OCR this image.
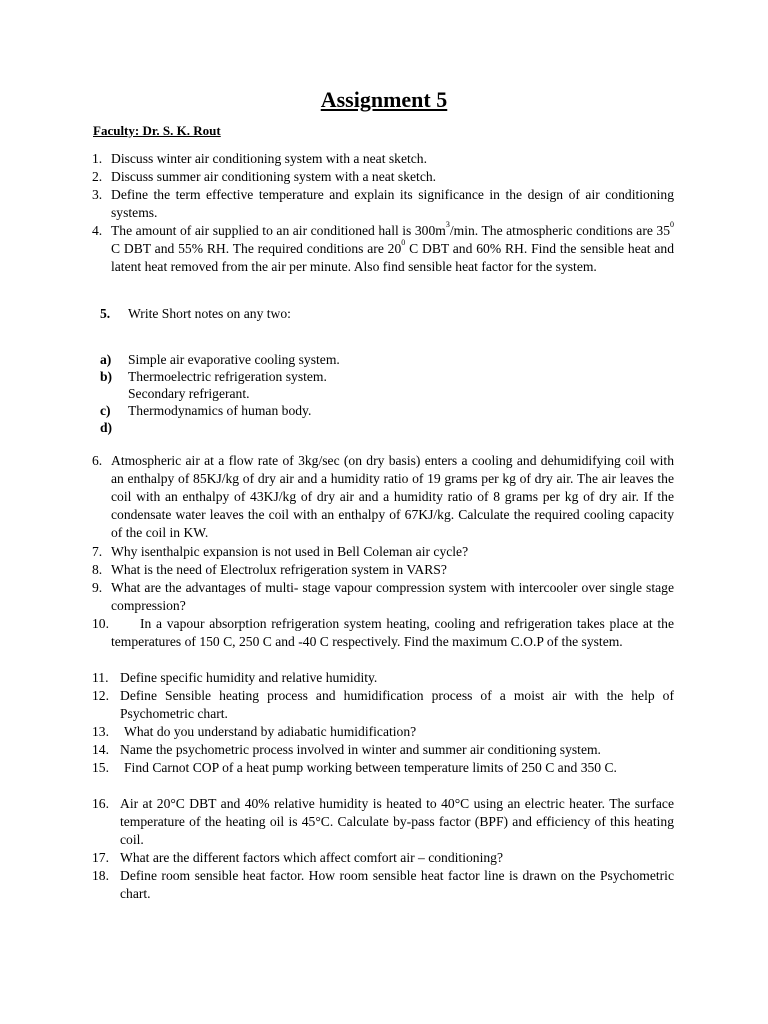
Assignment 5
Faculty: Dr. S. K. Rout
1. Discuss winter air conditioning system with a neat sketch.
2. Discuss summer air conditioning system with a neat sketch.
3. Define the term effective temperature and explain its significance in the design of air conditioning systems.
4. The amount of air supplied to an air conditioned hall is $300m^3/\min$. The atmospheric conditions are $35^0$ C DBT and 55% RH. The required conditions are $20^0$ C DBT and 60% RH. Find the sensible heat and latent heat removed from the air per minute. Also find sensible heat factor for the system.
5. Write Short notes on any two:
a) Simple air evaporative cooling system.
b) Thermoelectric refrigeration system.
Secondary refrigerant.
c) Thermodynamics of human body.
d)
6. Atmospheric air at a flow rate of 3kg/sec (on dry basis) enters a cooling and dehumidifying coil with an enthalpy of 85KJ/kg of dry air and a humidity ratio of 19 grams per kg of dry air. The air leaves the coil with an enthalpy of 43KJ/kg of dry air and a humidity ratio of 8 grams per kg of dry air. If the condensate water leaves the coil with an enthalpy of 67KJ/kg. Calculate the required cooling capacity of the coil in KW.
7. Why isenthalpic expansion is not used in Bell Coleman air cycle?
8. What is the need of Electrolux refrigeration system in VARS?
9. What are the advantages of multi- stage vapour compression system with intercooler over single stage compression?
10.	In a vapour absorption refrigeration system heating, cooling and refrigeration takes place at the temperatures of 150 C, 250 C and -40 C respectively. Find the maximum C.O.P of the system.
11. Define specific humidity and relative humidity.
12. Define Sensible heating process and humidification process of a moist air with the help of Psychometric chart.
13. What do you understand by adiabatic humidification?
14. Name the psychometric process involved in winter and summer air conditioning system.
15. Find Carnot COP of a heat pump working between temperature limits of 250 C and 350 C.
16. Air at 20°C DBT and 40% relative humidity is heated to 40°C using an electric heater. The surface temperature of the heating oil is 45°C. Calculate by-pass factor (BPF) and efficiency of this heating coil.
17. What are the different factors which affect comfort air – conditioning?
18. Define room sensible heat factor. How room sensible heat factor line is drawn on the Psychometric chart.
